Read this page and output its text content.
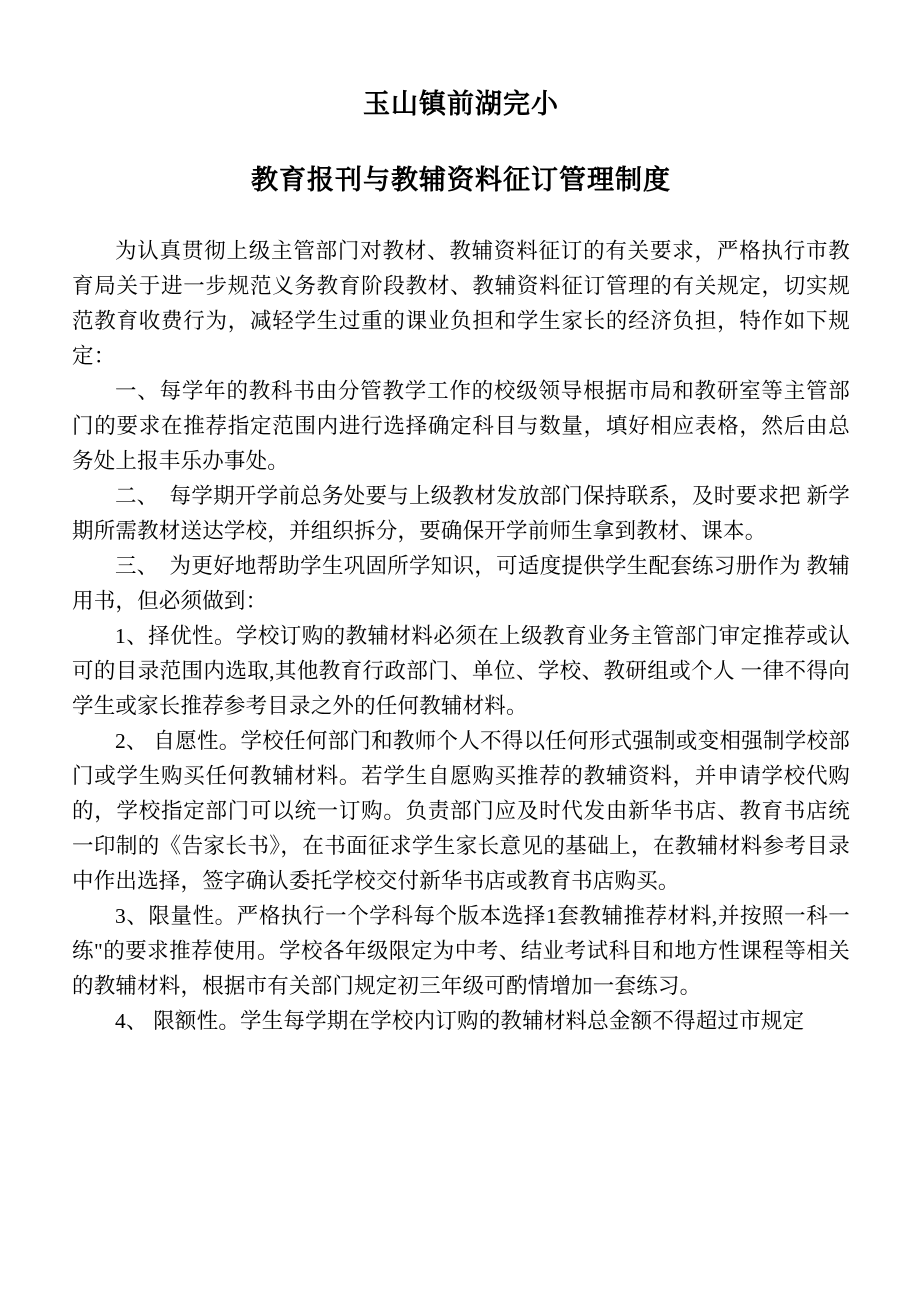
玉山镇前湖完小
教育报刊与教辅资料征订管理制度

为认真贯彻上级主管部门对教材、教辅资料征订的有关要求，严格执行市教育局关于进一步规范义务教育阶段教材、教辅资料征订管理的有关规定，切实规范教育收费行为，减轻学生过重的课业负担和学生家长的经济负担，特作如下规定：

一、每学年的教科书由分管教学工作的校级领导根据市局和教研室等主管部门的要求在推荐指定范围内进行选择确定科目与数量，填好相应表格，然后由总务处上报丰乐办事处。

二、　每学期开学前总务处要与上级教材发放部门保持联系，及时要求把 新学期所需教材送达学校，并组织拆分，要确保开学前师生拿到教材、课本。

三、　为更好地帮助学生巩固所学知识，可适度提供学生配套练习册作为 教辅用书，但必须做到：

1、择优性。学校订购的教辅材料必须在上级教育业务主管部门审定推荐或认可的目录范围内选取,其他教育行政部门、单位、学校、教研组或个人 一律不得向学生或家长推荐参考目录之外的任何教辅材料。

2、 自愿性。学校任何部门和教师个人不得以任何形式强制或变相强制学校部门或学生购买任何教辅材料。若学生自愿购买推荐的教辅资料，并申请学校代购的，学校指定部门可以统一订购。负责部门应及时代发由新华书店、教育书店统一印制的《告家长书》，在书面征求学生家长意见的基础上，在教辅材料参考目录中作出选择，签字确认委托学校交付新华书店或教育书店购买。

3、限量性。严格执行一个学科每个版本选择1套教辅推荐材料,并按照一科一练"的要求推荐使用。学校各年级限定为中考、结业考试科目和地方性课程等相关的教辅材料，根据市有关部门规定初三年级可酌情增加一套练习。

4、 限额性。学生每学期在学校内订购的教辅材料总金额不得超过市规定
